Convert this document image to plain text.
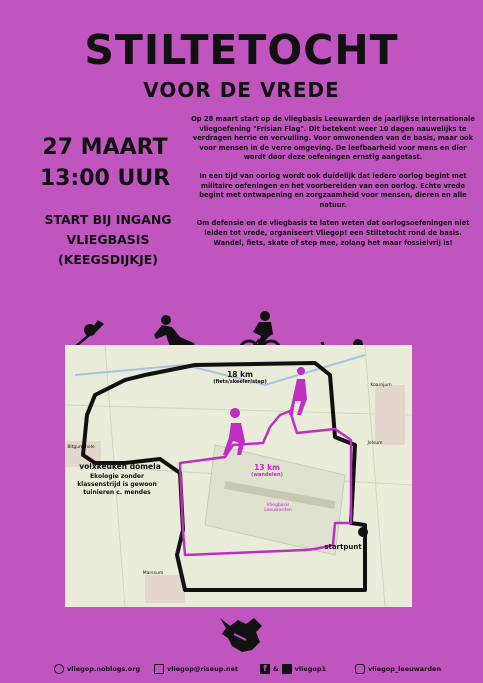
STILTETOCHT
VOOR DE VREDE
27 MAART
13:00 UUR
START BIJ INGANG
VLIEGBASIS
(KEEGSDIJKJE)

Op 28 maart start op de vliegbasis Leeuwarden de jaarlijkse internationale vliegoefening "Frisian Flag". Dit betekent weer 10 dagen nauwelijks te verdragen herrie en vervuiling. Voor omwonenden van de basis, maar ook voor mensen in de verre omgeving. De leefbaarheid voor mens en dier wordt door deze oefeningen ernstig aangetast.

In een tijd van oorlog wordt ook duidelijk dat iedere oorlog begint met militaire oefeningen en het voorbereiden van een oorlog. Echte vrede begint met ontwapening en zorgzaamheid voor mensen, dieren en alle natuur.

Om defensie en de vliegbasis te laten weten dat oorlogsoefeningen niet leiden tot vrede, organiseert Vliegop! een Stiltetocht rond de basis. Wandel, fiets, skate of step mee, zolang het maar fossielvrij is!

18 km
(fiets/skeeler/step)
13 km
(wandelen)
Vliegbasis Leeuwarden
startpunt
volxkeuken domela
Ekologie zonder klassenstrijd is gewoon tuinieren c. mendes
Jelsum
Koarnjum
Marssum
Bitgummole
vliegop.noblogs.org	vliegop@riseup.net	f & vliegop1	vliegop_leeuwarden
